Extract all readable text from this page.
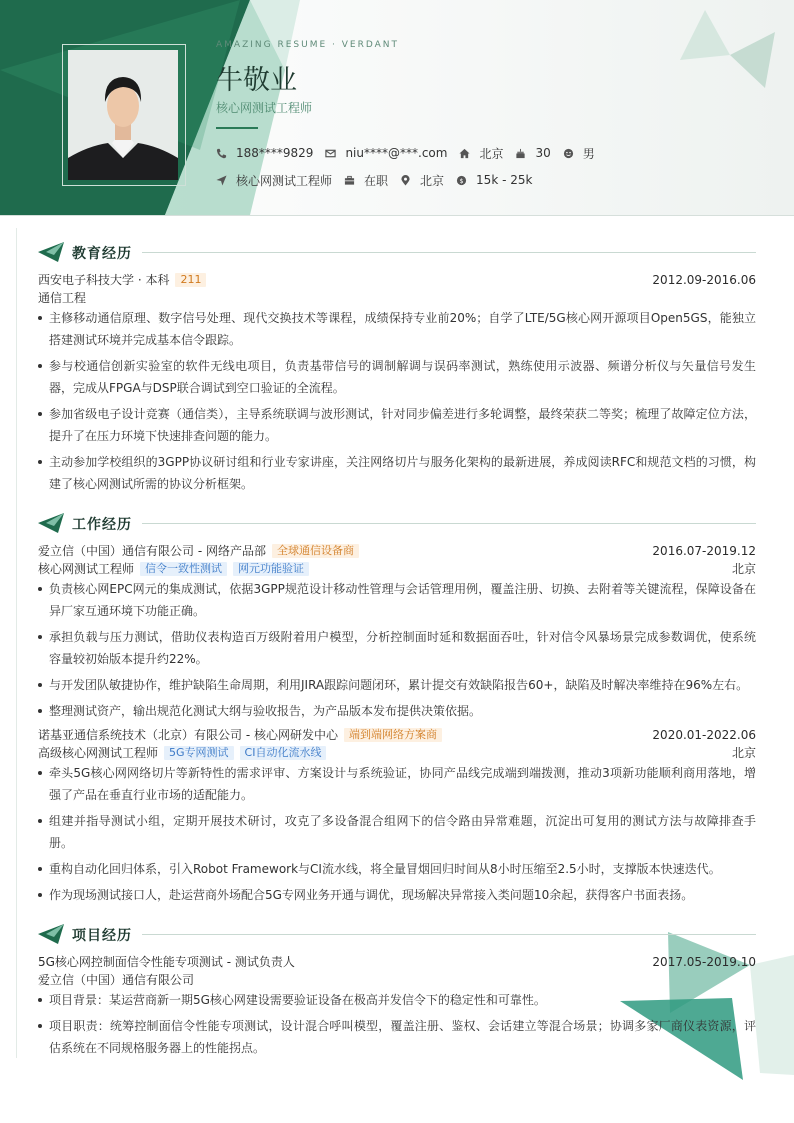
AMAZING RESUME · VERDANT
牛敬业
核心网测试工程师
188****9829	niu****@***.com	北京	30	男
核心网测试工程师	在职	北京 $ 15k - 25k
教育经历
西安电子科技大学 · 本科 211	2012.09-2016.06
通信工程
主修移动通信原理、数字信号处理、现代交换技术等课程，成绩保持专业前20%；自学了LTE/5G核心网开源项目Open5GS，能独立搭建测试环境并完成基本信令跟踪。
参与校通信创新实验室的软件无线电项目，负责基带信号的调制解调与误码率测试，熟练使用示波器、频谱分析仪与矢量信号发生器，完成从FPGA与DSP联合调试到空口验证的全流程。
参加省级电子设计竞赛（通信类），主导系统联调与波形测试，针对同步偏差进行多轮调整，最终荣获二等奖；梳理了故障定位方法，提升了在压力环境下快速排查问题的能力。
主动参加学校组织的3GPP协议研讨组和行业专家讲座，关注网络切片与服务化架构的最新进展，养成阅读RFC和规范文档的习惯，构建了核心网测试所需的协议分析框架。
工作经历
爱立信（中国）通信有限公司 - 网络产品部 全球通信设备商	2016.07-2019.12
核心网测试工程师 信令一致性测试 网元功能验证	北京
负责核心网EPC网元的集成测试，依据3GPP规范设计移动性管理与会话管理用例，覆盖注册、切换、去附着等关键流程，保障设备在异厂家互通环境下功能正确。
承担负载与压力测试，借助仪表构造百万级附着用户模型，分析控制面时延和数据面吞吐，针对信令风暴场景完成参数调优，使系统容量较初始版本提升约22%。
与开发团队敏捷协作，维护缺陷生命周期，利用JIRA跟踪问题闭环，累计提交有效缺陷报告60+，缺陷及时解决率维持在96%左右。
整理测试资产，输出规范化测试大纲与验收报告，为产品版本发布提供决策依据。
诺基亚通信系统技术（北京）有限公司 - 核心网研发中心 端到端网络方案商	2020.01-2022.06
高级核心网测试工程师 5G专网测试 CI自动化流水线	北京
牵头5G核心网网络切片等新特性的需求评审、方案设计与系统验证，协同产品线完成端到端拨测，推动3项新功能顺利商用落地，增强了产品在垂直行业市场的适配能力。
组建并指导测试小组，定期开展技术研讨，攻克了多设备混合组网下的信令路由异常难题，沉淀出可复用的测试方法与故障排查手册。
重构自动化回归体系，引入Robot Framework与CI流水线，将全量冒烟回归时间从8小时压缩至2.5小时，支撑版本快速迭代。
作为现场测试接口人，赴运营商外场配合5G专网业务开通与调优，现场解决异常接入类问题10余起，获得客户书面表扬。
项目经历
5G核心网控制面信令性能专项测试 - 测试负责人	2017.05-2019.10
爱立信（中国）通信有限公司
项目背景：某运营商新一期5G核心网建设需要验证设备在极高并发信令下的稳定性和可靠性。
项目职责：统筹控制面信令性能专项测试，设计混合呼叫模型，覆盖注册、鉴权、会话建立等混合场景；协调多家厂商仪表资源，评估系统在不同规格服务器上的性能拐点。
